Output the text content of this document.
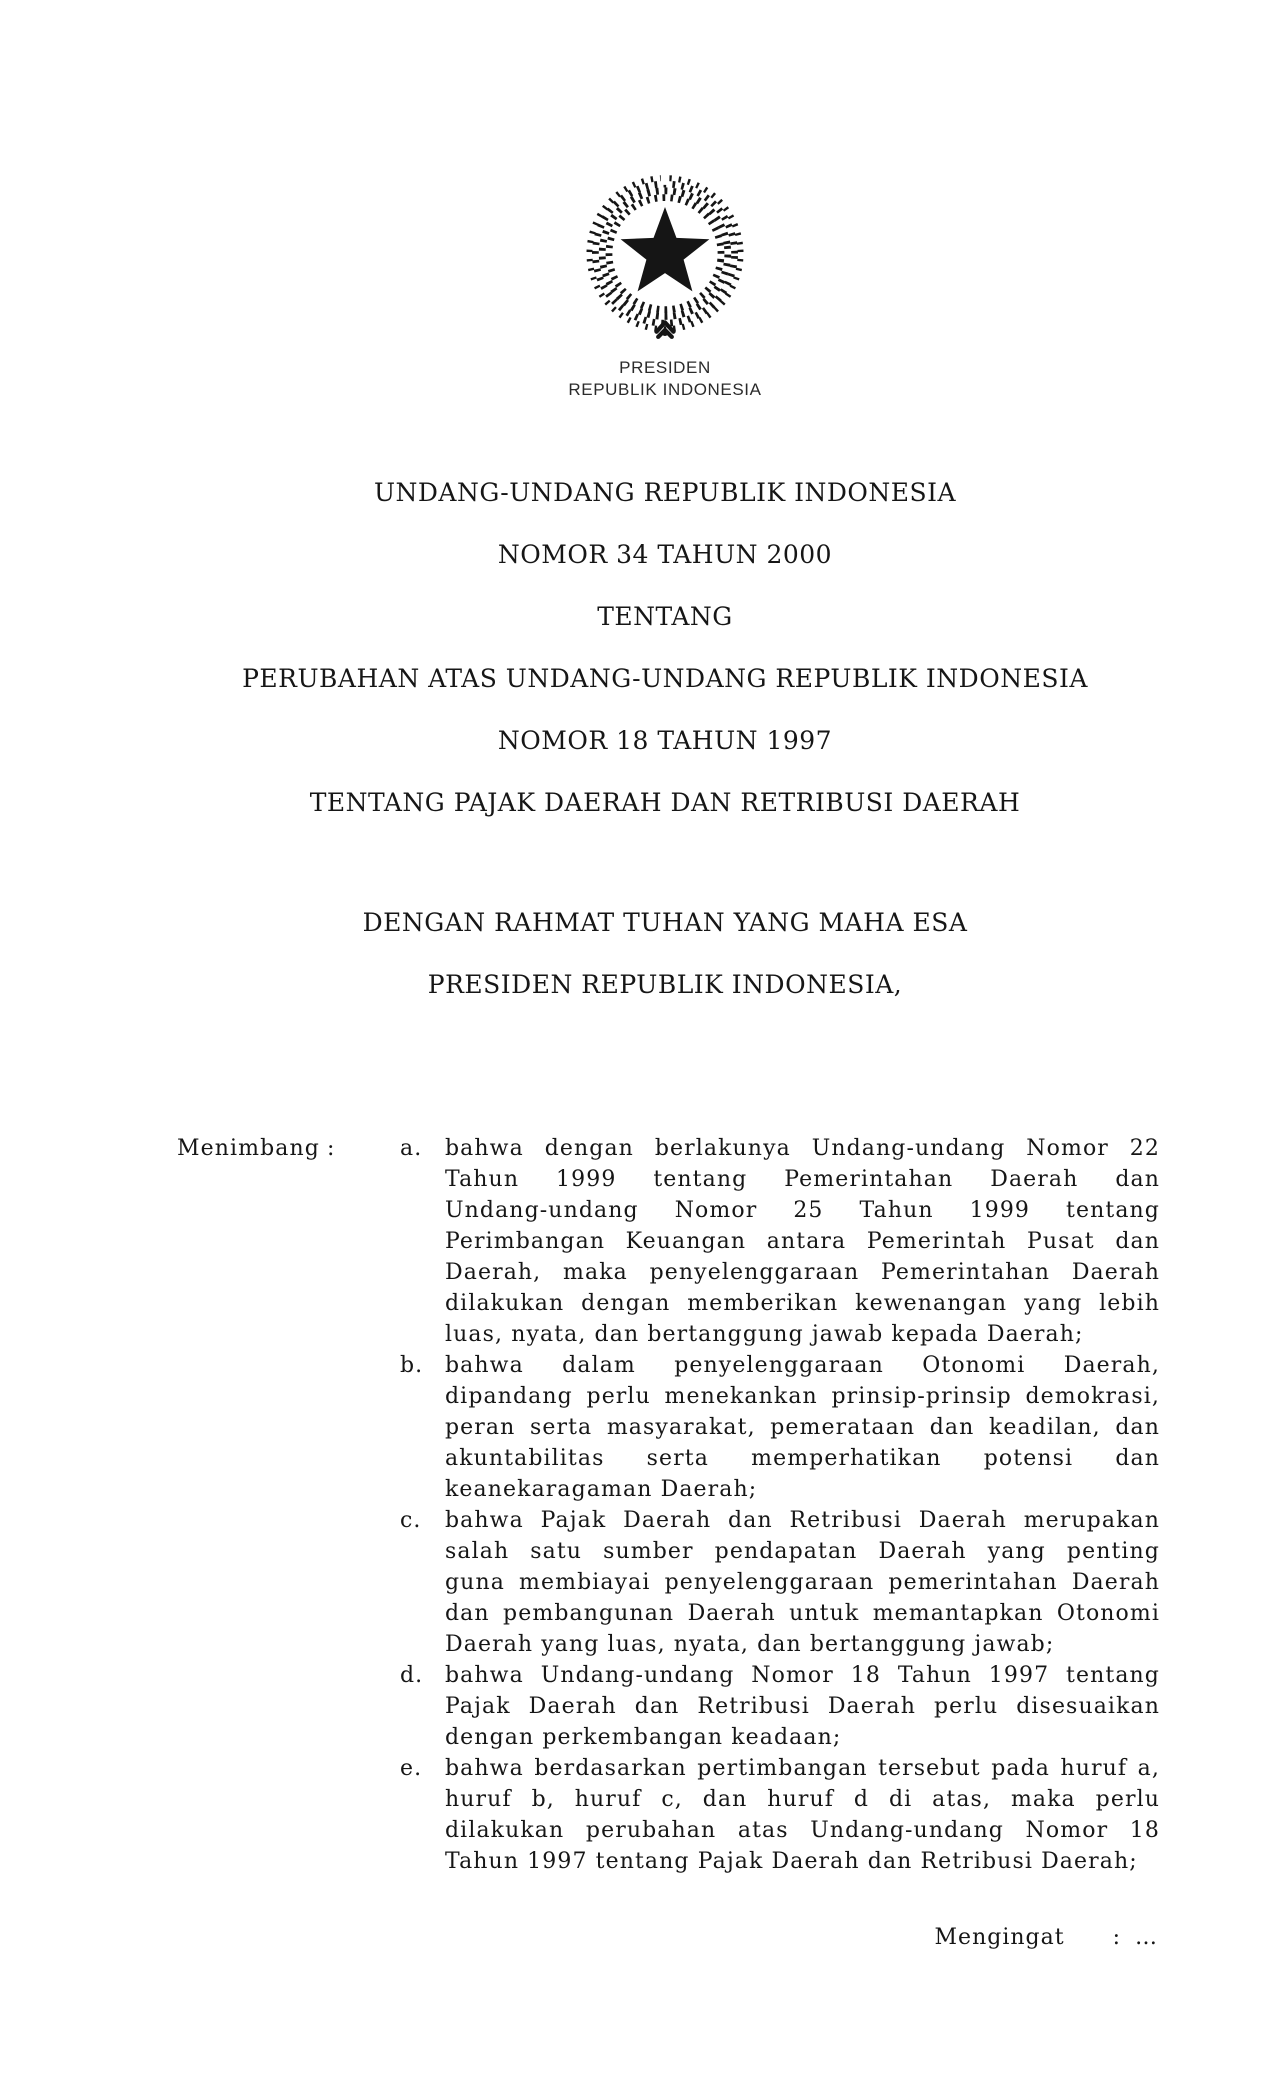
PRESIDEN
REPUBLIK INDONESIA
UNDANG-UNDANG REPUBLIK INDONESIA
NOMOR 34 TAHUN 2000
TENTANG
PERUBAHAN ATAS UNDANG-UNDANG REPUBLIK INDONESIA
NOMOR 18 TAHUN 1997
TENTANG PAJAK DAERAH DAN RETRIBUSI DAERAH
DENGAN RAHMAT TUHAN YANG MAHA ESA
PRESIDEN REPUBLIK INDONESIA,
Menimbang :	a.	bahwa dengan berlakunya Undang-undang Nomor 22
Tahun 1999 tentang Pemerintahan Daerah dan
Undang-undang Nomor 25 Tahun 1999 tentang
Perimbangan Keuangan antara Pemerintah Pusat dan
Daerah, maka penyelenggaraan Pemerintahan Daerah
dilakukan dengan memberikan kewenangan yang lebih
luas, nyata, dan bertanggung jawab kepada Daerah;
b. bahwa dalam penyelenggaraan Otonomi Daerah,
dipandang perlu menekankan prinsip-prinsip demokrasi,
peran serta masyarakat, pemerataan dan keadilan, dan
akuntabilitas serta memperhatikan potensi dan
keanekaragaman Daerah;
c.	bahwa Pajak Daerah dan Retribusi Daerah merupakan
salah satu sumber pendapatan Daerah yang penting
guna membiayai penyelenggaraan pemerintahan Daerah
dan pembangunan Daerah untuk memantapkan Otonomi
Daerah yang luas, nyata, dan bertanggung jawab;
d. bahwa Undang-undang Nomor 18 Tahun 1997 tentang
Pajak Daerah dan Retribusi Daerah perlu disesuaikan
dengan perkembangan keadaan;
e.	bahwa berdasarkan pertimbangan tersebut pada huruf a,
huruf b, huruf c, dan huruf d di atas, maka perlu
dilakukan perubahan atas Undang-undang Nomor 18
Tahun 1997 tentang Pajak Daerah dan Retribusi Daerah;
Mengingat : …
